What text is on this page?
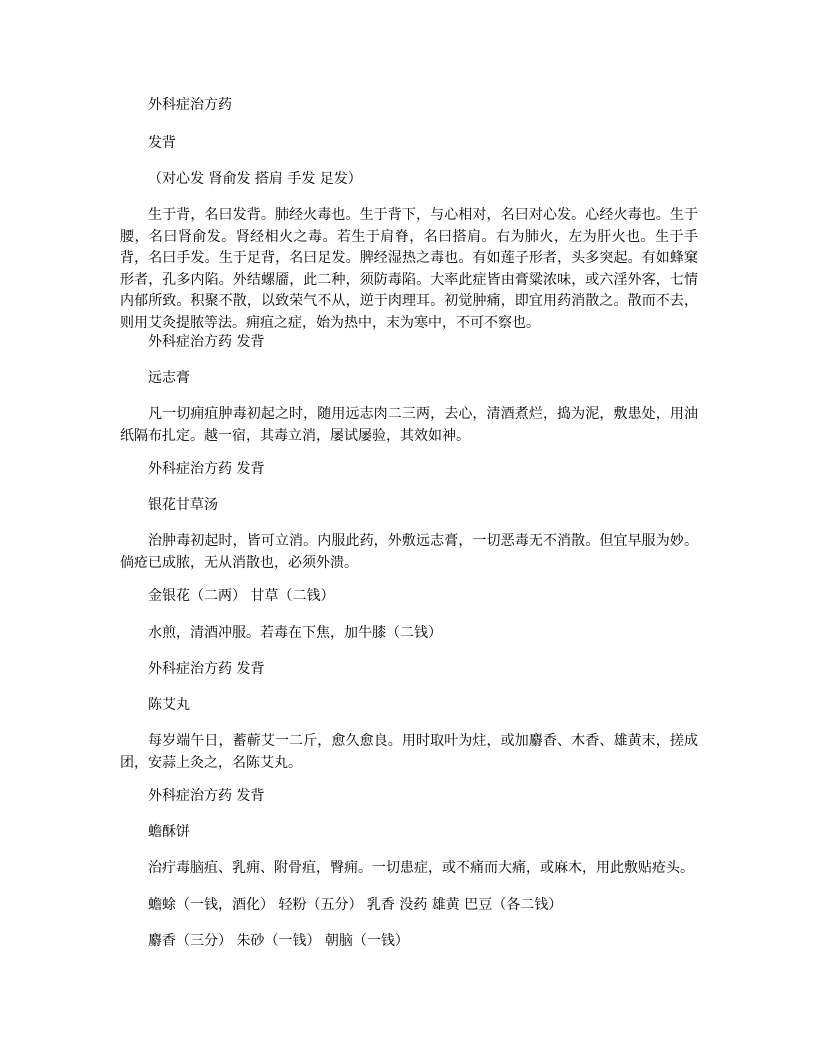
外科症治方药
发背
（对心发 肾俞发 搭肩 手发 足发）
生于背，名曰发背。肺经火毒也。生于背下，与心相对，名曰对心发。心经火毒也。生于腰，名曰肾俞发。肾经相火之毒。若生于肩脊，名曰搭肩。右为肺火，左为肝火也。生于手背，名曰手发。生于足背，名曰足发。脾经湿热之毒也。有如莲子形者，头多突起。有如蜂窠形者，孔多内陷。外结螺靥，此二种，须防毒陷。大率此症皆由膏粱浓味，或六淫外客，七情内郁所致。积聚不散，以致荣气不从，逆于肉理耳。初觉肿痛，即宜用药消散之。散而不去，则用艾灸提脓等法。痈疽之症，始为热中，末为寒中，不可不察也。
外科症治方药 发背
远志膏
凡一切痈疽肿毒初起之时，随用远志肉二三两，去心，清酒煮烂，捣为泥，敷患处，用油纸隔布扎定。越一宿，其毒立消，屡试屡验，其效如神。
外科症治方药 发背
银花甘草汤
治肿毒初起时，皆可立消。内服此药，外敷远志膏，一切恶毒无不消散。但宜早服为妙。倘疮已成脓，无从消散也，必须外溃。
金银花（二两） 甘草（二钱）
水煎，清酒冲服。若毒在下焦，加牛膝（二钱）
外科症治方药 发背
陈艾丸
每岁端午日，蓄蕲艾一二斤，愈久愈良。用时取叶为炷，或加麝香、木香、雄黄末，搓成团，安蒜上灸之，名陈艾丸。
外科症治方药 发背
蟾酥饼
治疔毒脑疽、乳痈、附骨疽，臀痈。一切患症，或不痛而大痛，或麻木，用此敷贴疮头。
蟾蜍（一钱，酒化） 轻粉（五分） 乳香 没药 雄黄 巴豆（各二钱）
麝香（三分） 朱砂（一钱） 朝脑（一钱）
